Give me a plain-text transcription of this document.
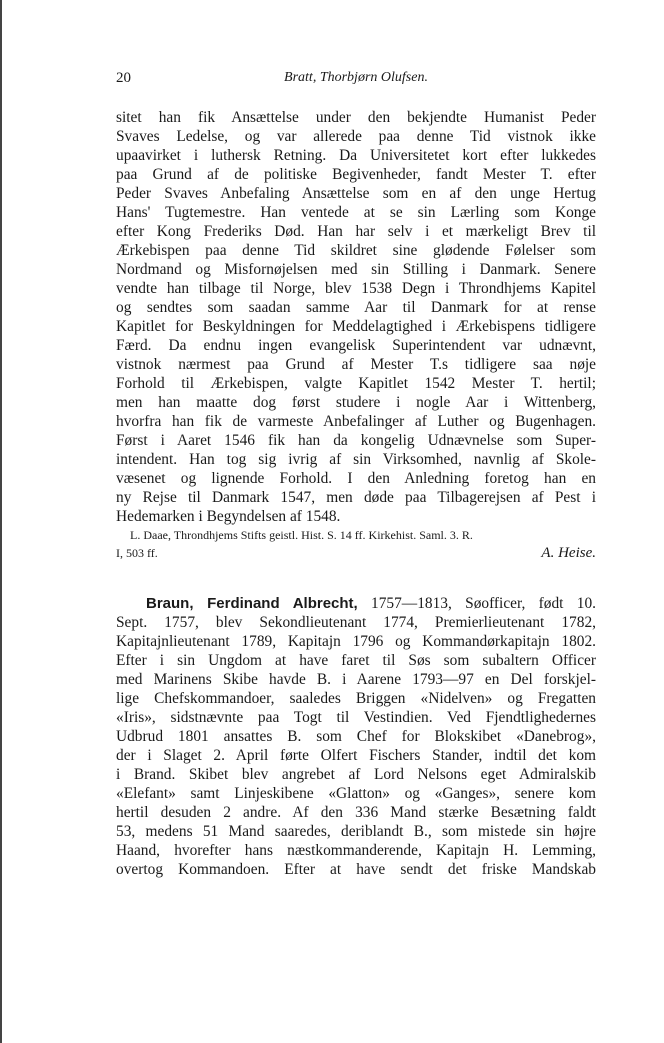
20	Bratt, Thorbjørn Olufsen.
sitet han fik Ansættelse under den bekjendte Humanist Peder
Svaves Ledelse, og var allerede paa denne Tid vistnok ikke
upaavirket i luthersk Retning. Da Universitetet kort efter lukkedes
paa Grund af de politiske Begivenheder, fandt Mester T. efter
Peder Svaves Anbefaling Ansættelse som en af den unge Hertug
Hans' Tugtemestre. Han ventede at se sin Lærling som Konge
efter Kong Frederiks Død. Han har selv i et mærkeligt Brev til
Ærkebispen paa denne Tid skildret sine glødende Følelser som
Nordmand og Misfornøjelsen med sin Stilling i Danmark. Senere
vendte han tilbage til Norge, blev 1538 Degn i Throndhjems Kapitel
og sendtes som saadan samme Aar til Danmark for at rense
Kapitlet for Beskyldningen for Meddelagtighed i Ærkebispens tidligere
Færd. Da endnu ingen evangelisk Superintendent var udnævnt,
vistnok nærmest paa Grund af Mester T.s tidligere saa nøje
Forhold til Ærkebispen, valgte Kapitlet 1542 Mester T. hertil;
men han maatte dog først studere i nogle Aar i Wittenberg,
hvorfra han fik de varmeste Anbefalinger af Luther og Bugenhagen.
Først i Aaret 1546 fik han da kongelig Udnævnelse som Super-
intendent. Han tog sig ivrig af sin Virksomhed, navnlig af Skole-
væsenet og lignende Forhold. I den Anledning foretog han en
ny Rejse til Danmark 1547, men døde paa Tilbagerejsen af Pest i
Hedemarken i Begyndelsen af 1548.
L. Daae, Throndhjems Stifts geistl. Hist. S. 14 ff. Kirkehist. Saml. 3. R.
I, 503 ff.	A. Heise.
Braun, Ferdinand Albrecht, 1757—1813, Søofficer, født 10.
Sept. 1757, blev Sekondlieutenant 1774, Premierlieutenant 1782,
Kapitajnlieutenant 1789, Kapitajn 1796 og Kommandørkapitajn 1802.
Efter i sin Ungdom at have faret til Søs som subaltern Officer
med Marinens Skibe havde B. i Aarene 1793—97 en Del forskjel-
lige Chefskommandoer, saaledes Briggen «Nidelven» og Fregatten
«Iris», sidstnævnte paa Togt til Vestindien. Ved Fjendtlighedernes
Udbrud 1801 ansattes B. som Chef for Blokskibet «Danebrog»,
der i Slaget 2. April førte Olfert Fischers Stander, indtil det kom
i Brand. Skibet blev angrebet af Lord Nelsons eget Admiralskib
«Elefant» samt Linjeskibene «Glatton» og «Ganges», senere kom
hertil desuden 2 andre. Af den 336 Mand stærke Besætning faldt
53, medens 51 Mand saaredes, deriblandt B., som mistede sin højre
Haand, hvorefter hans næstkommanderende, Kapitajn H. Lemming,
overtog Kommandoen. Efter at have sendt det friske Mandskab
